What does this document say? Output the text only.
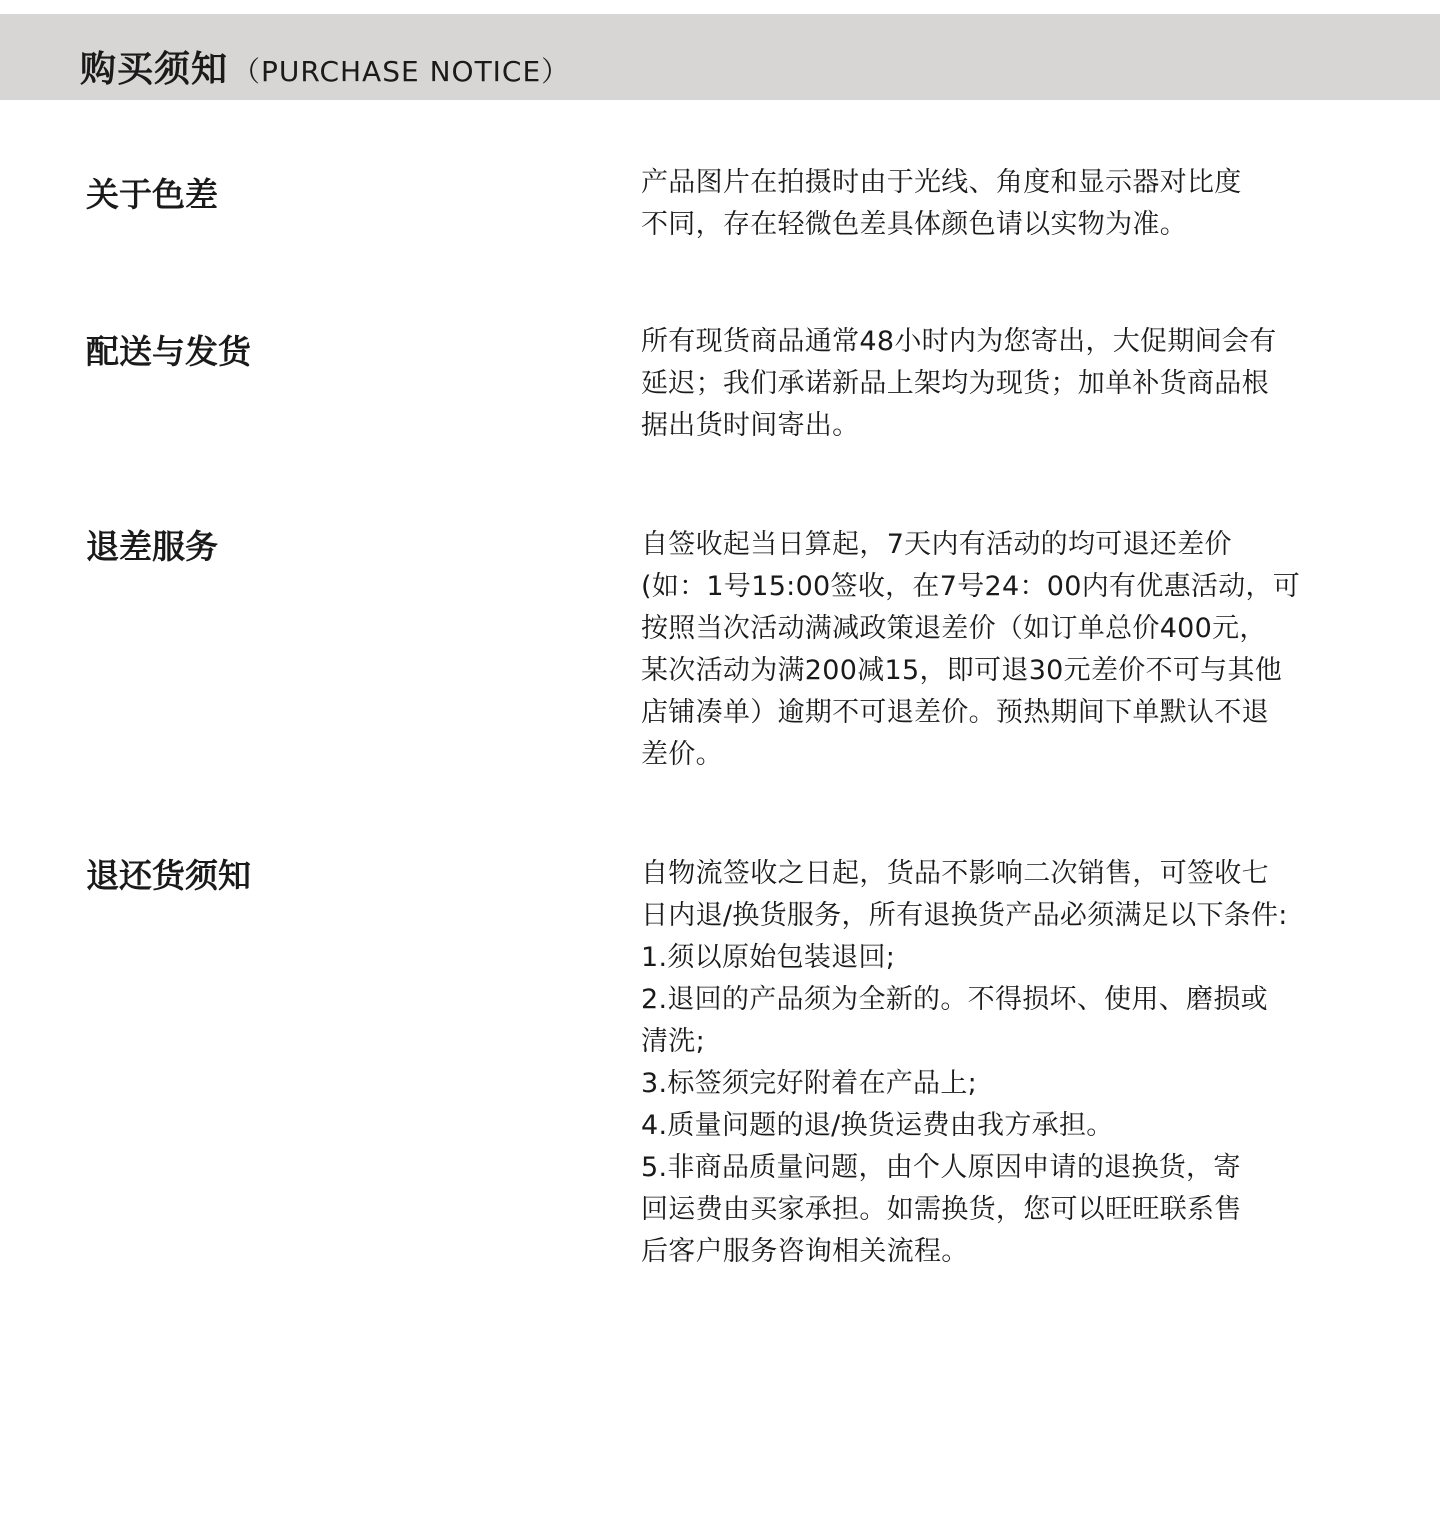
购买须知 （PURCHASE NOTICE）
关于色差	产品图片在拍摄时由于光线、角度和显示器对比度
不同，存在轻微色差具体颜色请以实物为准。
配送与发货	所有现货商品通常48小时内为您寄出，大促期间会有
延迟；我们承诺新品上架均为现货；加单补货商品根
据出货时间寄出。
退差服务	自签收起当日算起，7天内有活动的均可退还差价
(如：1号15:00签收，在7号24：00内有优惠活动，可
按照当次活动满减政策退差价（如订单总价400元，
某次活动为满200减15，即可退30元差价不可与其他
店铺凑单）逾期不可退差价。预热期间下单默认不退
差价。
退还货须知	自物流签收之日起，货品不影响二次销售，可签收七
日内退/换货服务，所有退换货产品必须满足以下条件:
1.须以原始包装退回;
2.退回的产品须为全新的。不得损坏、使用、磨损或
清洗;
3.标签须完好附着在产品上;
4.质量问题的退/换货运费由我方承担。
5.非商品质量问题，由个人原因申请的退换货，寄
回运费由买家承担。如需换货，您可以旺旺联系售
后客户服务咨询相关流程。
